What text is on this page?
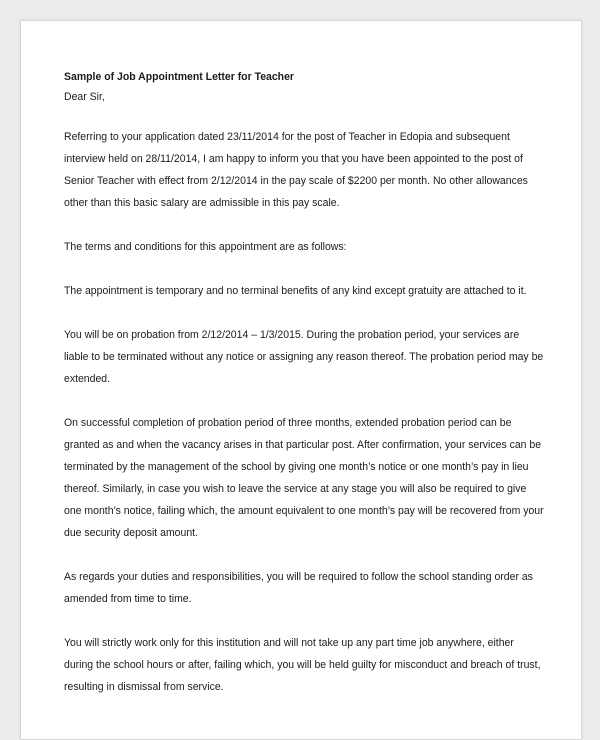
Sample of Job Appointment Letter for Teacher

Dear Sir,

Referring to your application dated 23/11/2014 for the post of Teacher in Edopia and subsequent interview held on 28/11/2014, I am happy to inform you that you have been appointed to the post of Senior Teacher with effect from 2/12/2014 in the pay scale of $2200 per month. No other allowances other than this basic salary are admissible in this pay scale.

The terms and conditions for this appointment are as follows:

The appointment is temporary and no terminal benefits of any kind except gratuity are attached to it.

You will be on probation from 2/12/2014 – 1/3/2015. During the probation period, your services are liable to be terminated without any notice or assigning any reason thereof. The probation period may be extended.

On successful completion of probation period of three months, extended probation period can be granted as and when the vacancy arises in that particular post. After confirmation, your services can be terminated by the management of the school by giving one month’s notice or one month’s pay in lieu thereof. Similarly, in case you wish to leave the service at any stage you will also be required to give one month’s notice, failing which, the amount equivalent to one month’s pay will be recovered from your due security deposit amount.

As regards your duties and responsibilities, you will be required to follow the school standing order as amended from time to time.

You will strictly work only for this institution and will not take up any part time job anywhere, either during the school hours or after, failing which, you will be held guilty for misconduct and breach of trust, resulting in dismissal from service.
